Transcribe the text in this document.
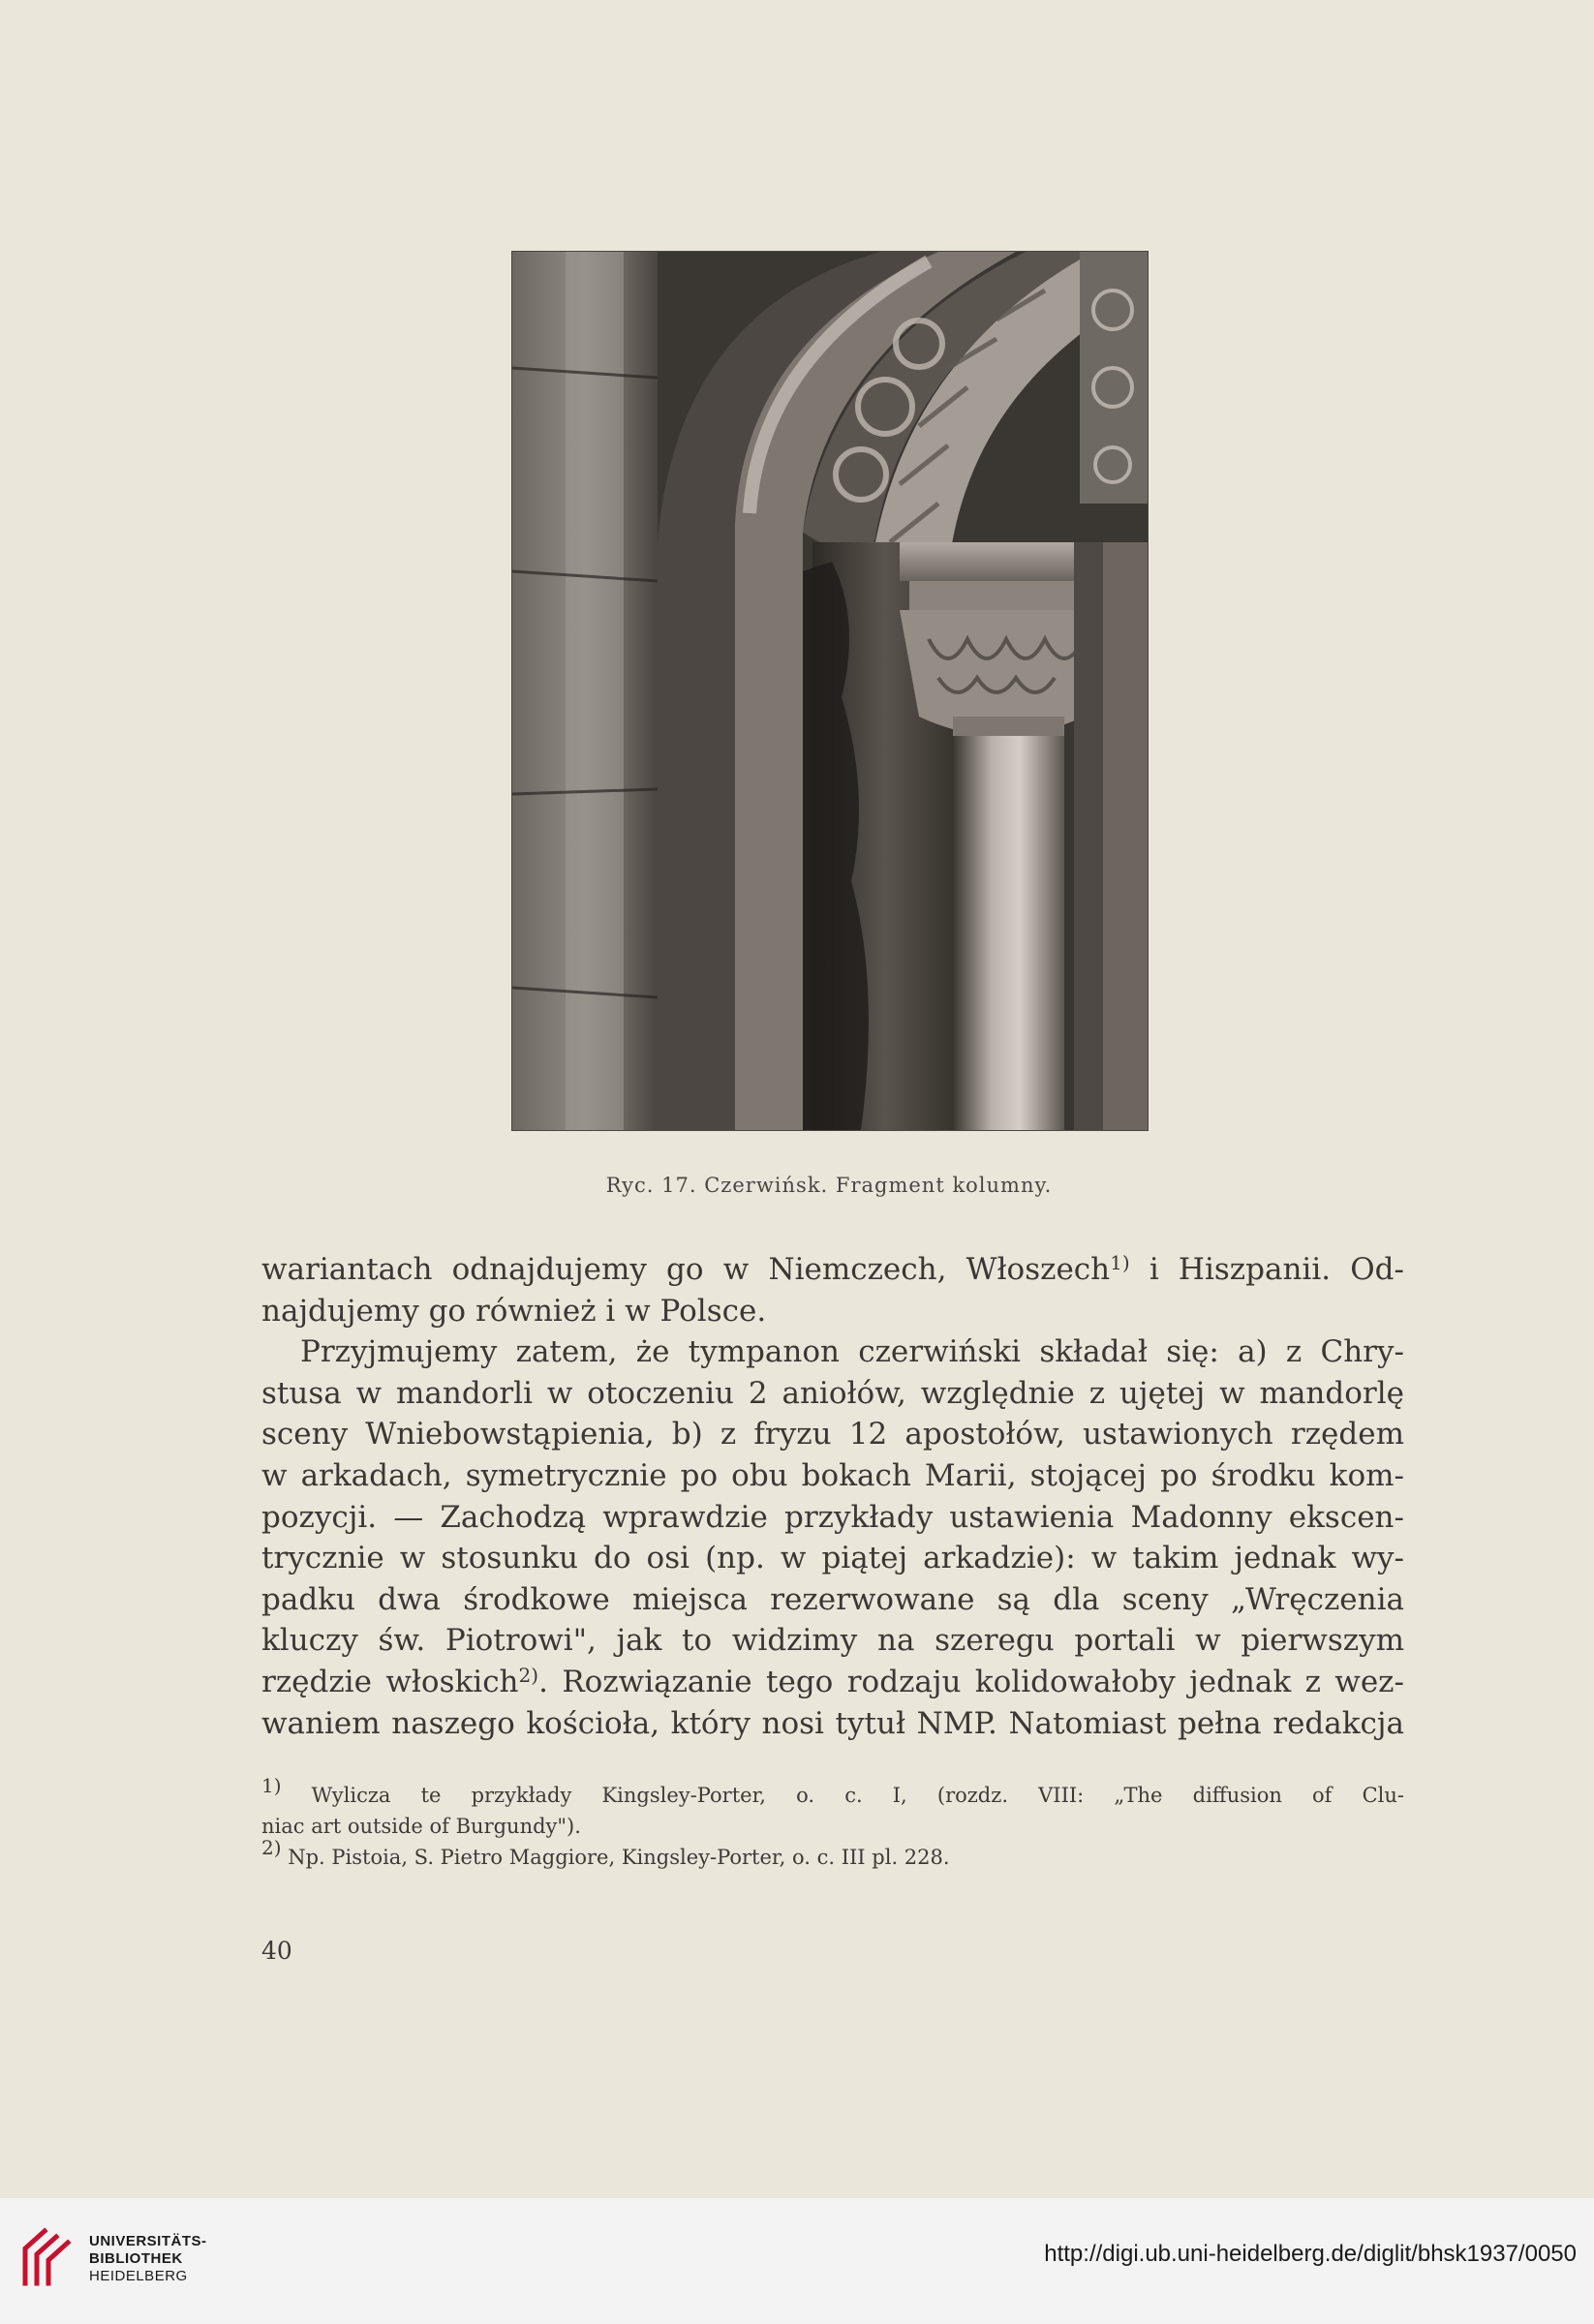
Ryc. 17. Czerwińsk. Fragment kolumny.
wariantach odnajdujemy go w Niemczech, Włoszech$^{1)}$ i Hiszpanii. Od-
najdujemy go również i w Polsce.
Przyjmujemy zatem, że tympanon czerwiński składał się: a) z Chry-
stusa w mandorli w otoczeniu 2 aniołów, względnie z ujętej w mandorlę
sceny Wniebowstąpienia, b) z fryzu 12 apostołów, ustawionych rzędem
w arkadach, symetrycznie po obu bokach Marii, stojącej po środku kom-
pozycji. — Zachodzą wprawdzie przykłady ustawienia Madonny ekscen-
trycznie w stosunku do osi (np. w piątej arkadzie): w takim jednak wy-
padku dwa środkowe miejsca rezerwowane są dla sceny „Wręczenia
kluczy św. Piotrowi", jak to widzimy na szeregu portali w pierwszym
rzędzie włoskich$^{2)}$. Rozwiązanie tego rodzaju kolidowałoby jednak z wez-
waniem naszego kościoła, który nosi tytuł NMP. Natomiast pełna redakcja
$^{1)}$ Wylicza te przykłady Kingsley-Porter, o. c. I, (rozdz. VIII: „The diffusion of Clu-
niac art outside of Burgundy").
$^{2)}$ Np. Pistoia, S. Pietro Maggiore, Kingsley-Porter, o. c. III pl. 228.
40
UNIVERSITÄTS-
BIBLIOTHEK
HEIDELBERG
http://digi.ub.uni-heidelberg.de/diglit/bhsk1937/0050
